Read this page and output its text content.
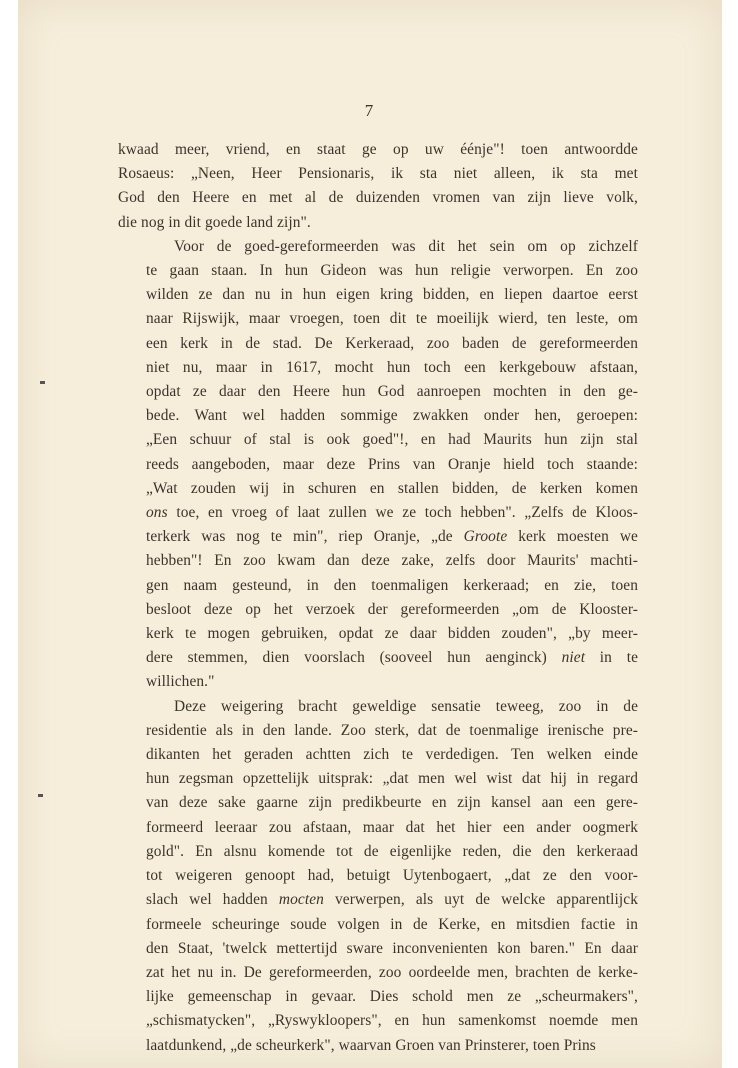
7
kwaad meer, vriend, en staat ge op uw éénje"! toen antwoordde
Rosaeus: „Neen, Heer Pensionaris, ik sta niet alleen, ik sta met
God den Heere en met al de duizenden vromen van zijn lieve volk,
die nog in dit goede land zijn".
Voor de goed-gereformeerden was dit het sein om op zichzelf
te gaan staan. In hun Gideon was hun religie verworpen. En zoo
wilden ze dan nu in hun eigen kring bidden, en liepen daartoe eerst
naar Rijswijk, maar vroegen, toen dit te moeilijk wierd, ten leste, om
een kerk in de stad. De Kerkeraad, zoo baden de gereformeerden
niet nu, maar in 1617, mocht hun toch een kerkgebouw afstaan,
opdat ze daar den Heere hun God aanroepen mochten in den ge-
bede. Want wel hadden sommige zwakken onder hen, geroepen:
„Een schuur of stal is ook goed"!, en had Maurits hun zijn stal
reeds aangeboden, maar deze Prins van Oranje hield toch staande:
„Wat zouden wij in schuren en stallen bidden, de kerken komen
ons toe, en vroeg of laat zullen we ze toch hebben". „Zelfs de Kloos-
terkerk was nog te min", riep Oranje, „de Groote kerk moesten we
hebben"! En zoo kwam dan deze zake, zelfs door Maurits' machti-
gen naam gesteund, in den toenmaligen kerkeraad; en zie, toen
besloot deze op het verzoek der gereformeerden „om de Klooster-
kerk te mogen gebruiken, opdat ze daar bidden zouden", „by meer-
dere stemmen, dien voorslach (sooveel hun aenginck) niet in te
willichen."
Deze weigering bracht geweldige sensatie teweeg, zoo in de
residentie als in den lande. Zoo sterk, dat de toenmalige irenische pre-
dikanten het geraden achtten zich te verdedigen. Ten welken einde
hun zegsman opzettelijk uitsprak: „dat men wel wist dat hij in regard
van deze sake gaarne zijn predikbeurte en zijn kansel aan een gere-
formeerd leeraar zou afstaan, maar dat het hier een ander oogmerk
gold". En alsnu komende tot de eigenlijke reden, die den kerkeraad
tot weigeren genoopt had, betuigt Uytenbogaert, „dat ze den voor-
slach wel hadden mocten verwerpen, als uyt de welcke apparentlijck
formeele scheuringe soude volgen in de Kerke, en mitsdien factie in
den Staat, 'twelck mettertijd sware inconvenienten kon baren." En daar
zat het nu in. De gereformeerden, zoo oordeelde men, brachten de kerke-
lijke gemeenschap in gevaar. Dies schold men ze „scheurmakers",
„schismatycken", „Ryswykloopers", en hun samenkomst noemde men
laatdunkend, „de scheurkerk", waarvan Groen van Prinsterer, toen Prins
